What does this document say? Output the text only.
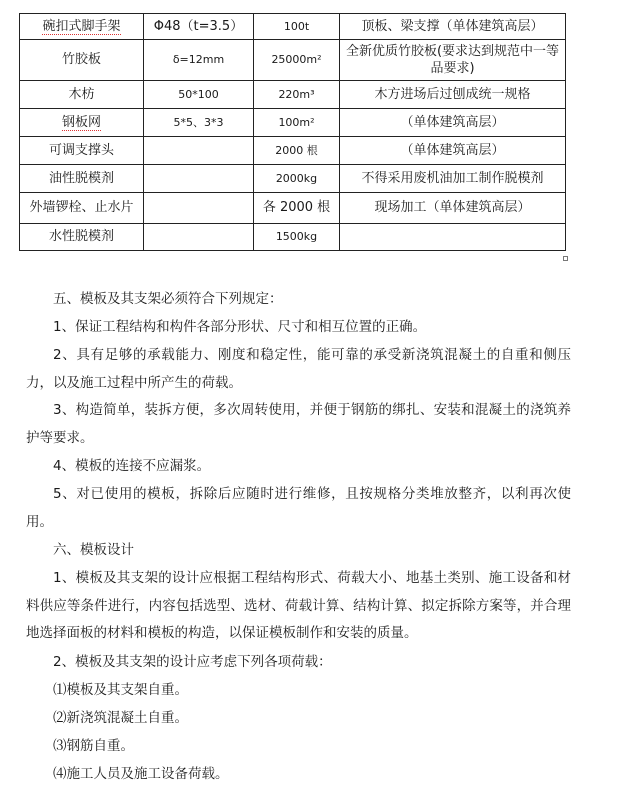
碗扣式脚手架	Φ48（t=3.5）	100t	顶板、梁支撑（单体建筑高层）
竹胶板	δ=12mm	25000m²	全新优质竹胶板(要求达到规范中一等品要求)
木枋	50*100	220m³	木方进场后过刨成统一规格
钢板网	5*5、3*3	100m²	（单体建筑高层）
可调支撑头		2000 根	（单体建筑高层）
油性脱模剂		2000kg	不得采用废机油加工制作脱模剂
外墙锣栓、止水片		各 2000 根	现场加工（单体建筑高层）
水性脱模剂		1500kg	

五、模板及其支架必须符合下列规定：

1、保证工程结构和构件各部分形状、尺寸和相互位置的正确。

2、具有足够的承载能力、刚度和稳定性，能可靠的承受新浇筑混凝土的自重和侧压力，以及施工过程中所产生的荷载。

3、构造简单，装拆方便，多次周转使用，并便于钢筋的绑扎、安装和混凝土的浇筑养护等要求。

4、模板的连接不应漏浆。

5、对已使用的模板，拆除后应随时进行维修，且按规格分类堆放整齐，以利再次使用。

六、模板设计

1、模板及其支架的设计应根据工程结构形式、荷载大小、地基土类别、施工设备和材料供应等条件进行，内容包括选型、选材、荷载计算、结构计算、拟定拆除方案等，并合理地选择面板的材料和模板的构造，以保证模板制作和安装的质量。

2、模板及其支架的设计应考虑下列各项荷载：

⑴模板及其支架自重。

⑵新浇筑混凝土自重。

⑶钢筋自重。

⑷施工人员及施工设备荷载。
